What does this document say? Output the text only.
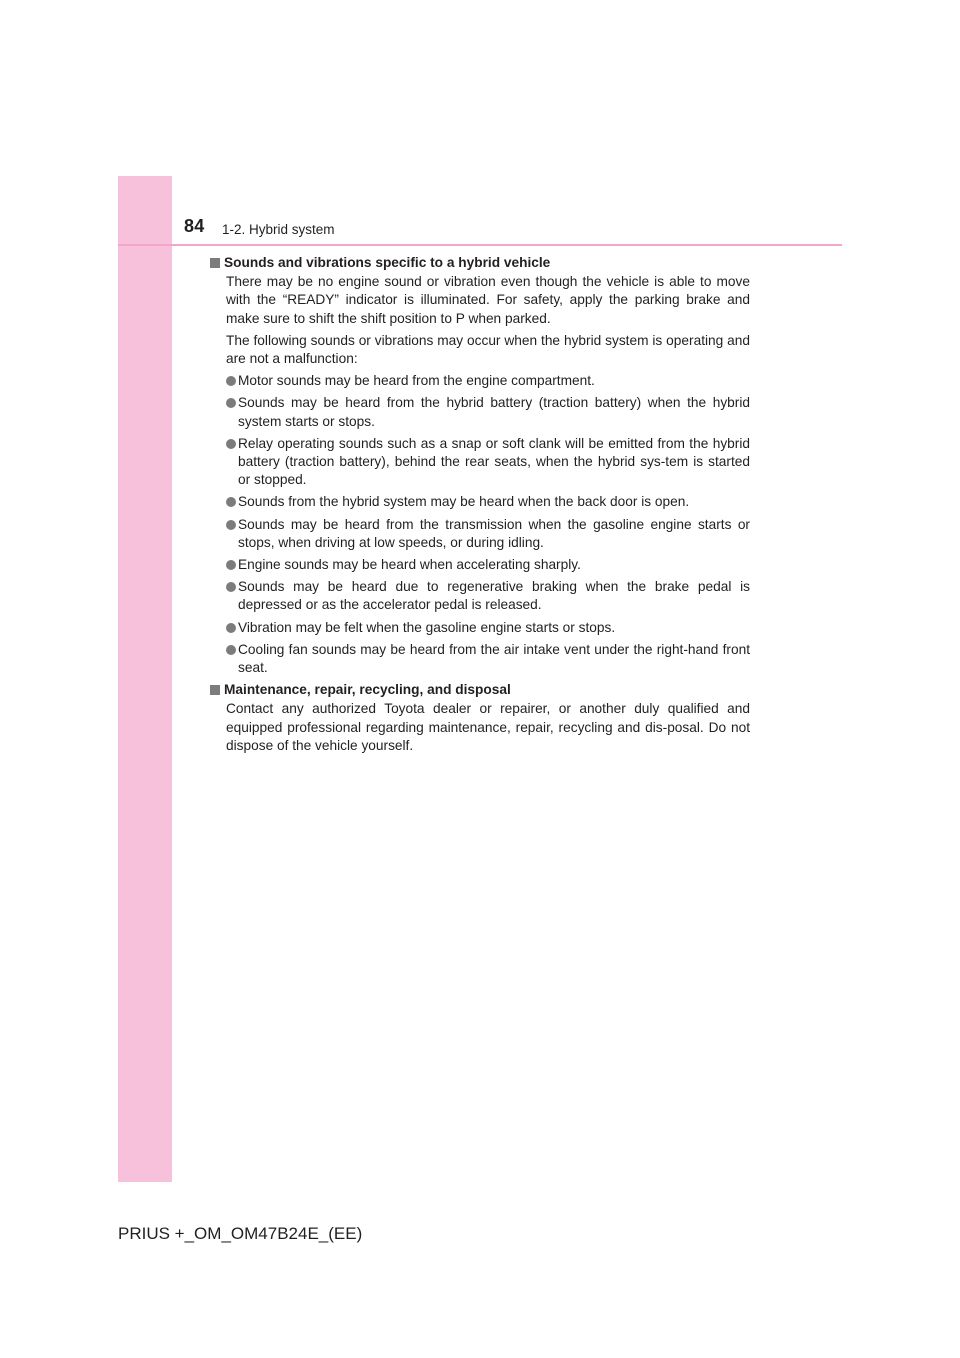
84 1-2. Hybrid system
Sounds and vibrations specific to a hybrid vehicle

There may be no engine sound or vibration even though the vehicle is able to move with the “READY” indicator is illuminated. For safety, apply the parking brake and make sure to shift the shift position to P when parked.

The following sounds or vibrations may occur when the hybrid system is operating and are not a malfunction:

Motor sounds may be heard from the engine compartment.
Sounds may be heard from the hybrid battery (traction battery) when the hybrid system starts or stops.
Relay operating sounds such as a snap or soft clank will be emitted from the hybrid battery (traction battery), behind the rear seats, when the hybrid sys-tem is started or stopped.
Sounds from the hybrid system may be heard when the back door is open.
Sounds may be heard from the transmission when the gasoline engine starts or stops, when driving at low speeds, or during idling.
Engine sounds may be heard when accelerating sharply.
Sounds may be heard due to regenerative braking when the brake pedal is depressed or as the accelerator pedal is released.
Vibration may be felt when the gasoline engine starts or stops.
Cooling fan sounds may be heard from the air intake vent under the right-hand front seat.
Maintenance, repair, recycling, and disposal

Contact any authorized Toyota dealer or repairer, or another duly qualified and equipped professional regarding maintenance, repair, recycling and dis-posal. Do not dispose of the vehicle yourself.

PRIUS +_OM_OM47B24E_(EE)
